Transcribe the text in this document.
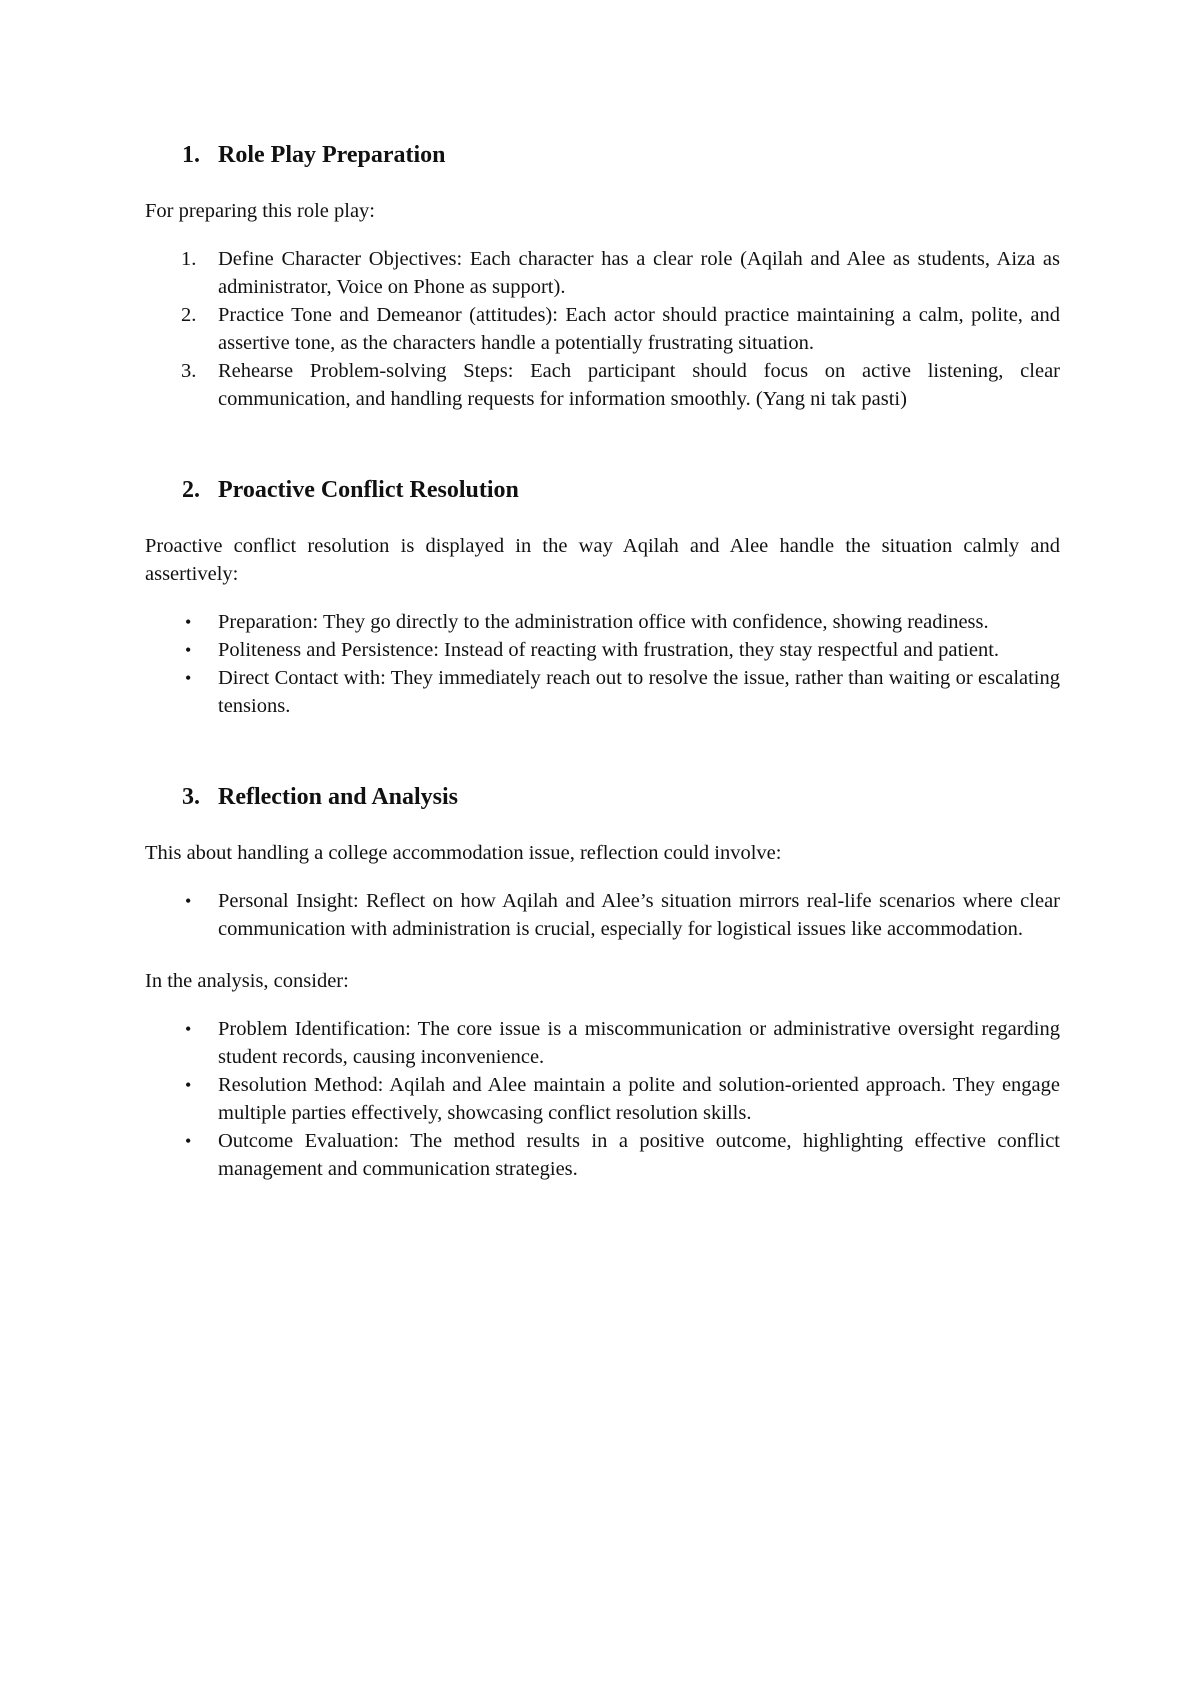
1. Role Play Preparation

For preparing this role play:

1.	Define Character Objectives: Each character has a clear role (Aqilah and Alee as students, Aiza as administrator, Voice on Phone as support).
2.	Practice Tone and Demeanor (attitudes): Each actor should practice maintaining a calm, polite, and assertive tone, as the characters handle a potentially frustrating situation.
3.	Rehearse Problem-solving Steps: Each participant should focus on active listening, clear communication, and handling requests for information smoothly. (Yang ni tak pasti)
2. Proactive Conflict Resolution

Proactive conflict resolution is displayed in the way Aqilah and Alee handle the situation calmly and assertively:

•	Preparation: They go directly to the administration office with confidence, showing readiness.
•	Politeness and Persistence: Instead of reacting with frustration, they stay respectful and patient.
•	Direct Contact with: They immediately reach out to resolve the issue, rather than waiting or escalating tensions.
3. Reflection and Analysis

This about handling a college accommodation issue, reflection could involve:

•	Personal Insight: Reflect on how Aqilah and Alee’s situation mirrors real-life scenarios where clear communication with administration is crucial, especially for logistical issues like accommodation.

In the analysis, consider:

•	Problem Identification: The core issue is a miscommunication or administrative oversight regarding student records, causing inconvenience.
•	Resolution Method: Aqilah and Alee maintain a polite and solution-oriented approach. They engage multiple parties effectively, showcasing conflict resolution skills.
•	Outcome Evaluation: The method results in a positive outcome, highlighting effective conflict management and communication strategies.
